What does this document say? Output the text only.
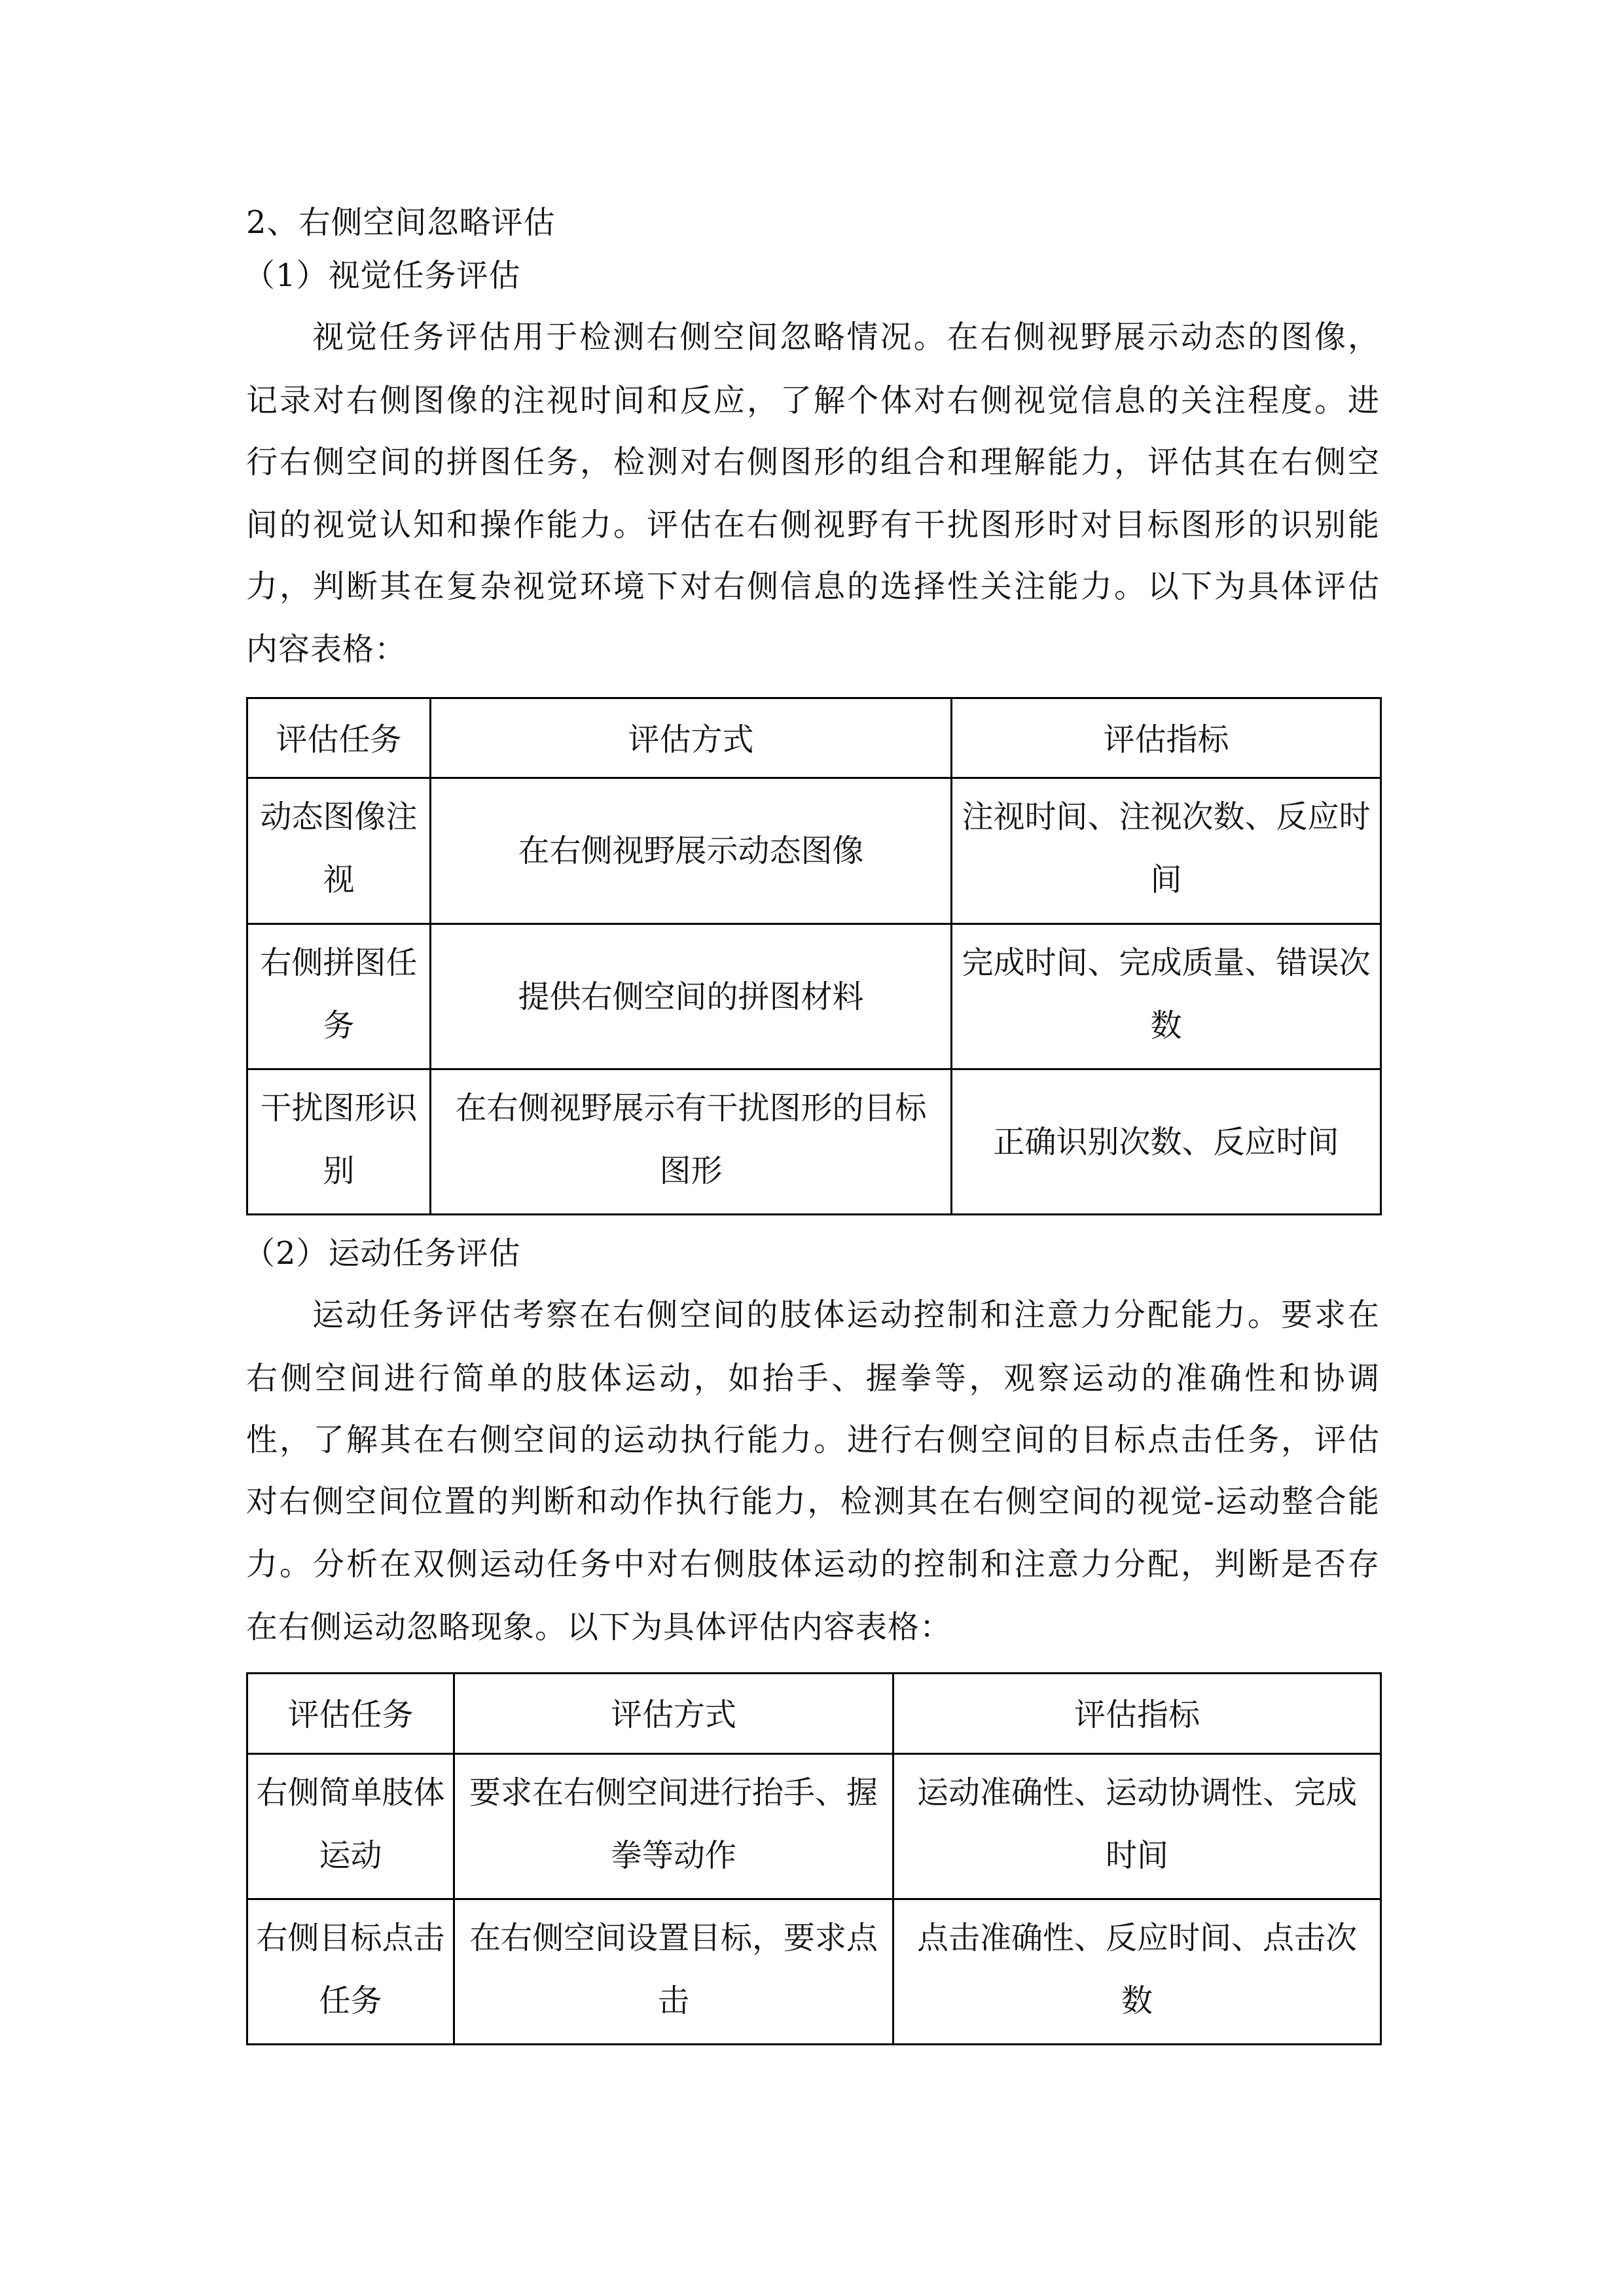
2、右侧空间忽略评估
（1）视觉任务评估
视觉任务评估用于检测右侧空间忽略情况。在右侧视野展示动态的图像，
记录对右侧图像的注视时间和反应，了解个体对右侧视觉信息的关注程度。进
行右侧空间的拼图任务，检测对右侧图形的组合和理解能力，评估其在右侧空
间的视觉认知和操作能力。评估在右侧视野有干扰图形时对目标图形的识别能
力，判断其在复杂视觉环境下对右侧信息的选择性关注能力。以下为具体评估
内容表格：
评估任务	评估方式	评估指标

动态图像注
视	在右侧视野展示动态图像	注视时间、注视次数、反应时
间

右侧拼图任
务	提供右侧空间的拼图材料	完成时间、完成质量、错误次
数

干扰图形识
别	在右侧视野展示有干扰图形的目标
图形	正确识别次数、反应时间
（2）运动任务评估
运动任务评估考察在右侧空间的肢体运动控制和注意力分配能力。要求在
右侧空间进行简单的肢体运动，如抬手、握拳等，观察运动的准确性和协调
性，了解其在右侧空间的运动执行能力。进行右侧空间的目标点击任务，评估
对右侧空间位置的判断和动作执行能力，检测其在右侧空间的视觉-运动整合能
力。分析在双侧运动任务中对右侧肢体运动的控制和注意力分配，判断是否存
在右侧运动忽略现象。以下为具体评估内容表格：
评估任务	评估方式	评估指标

右侧简单肢体
运动	要求在右侧空间进行抬手、握
拳等动作	运动准确性、运动协调性、完成
时间

右侧目标点击
任务	在右侧空间设置目标，要求点
击	点击准确性、反应时间、点击次
数
